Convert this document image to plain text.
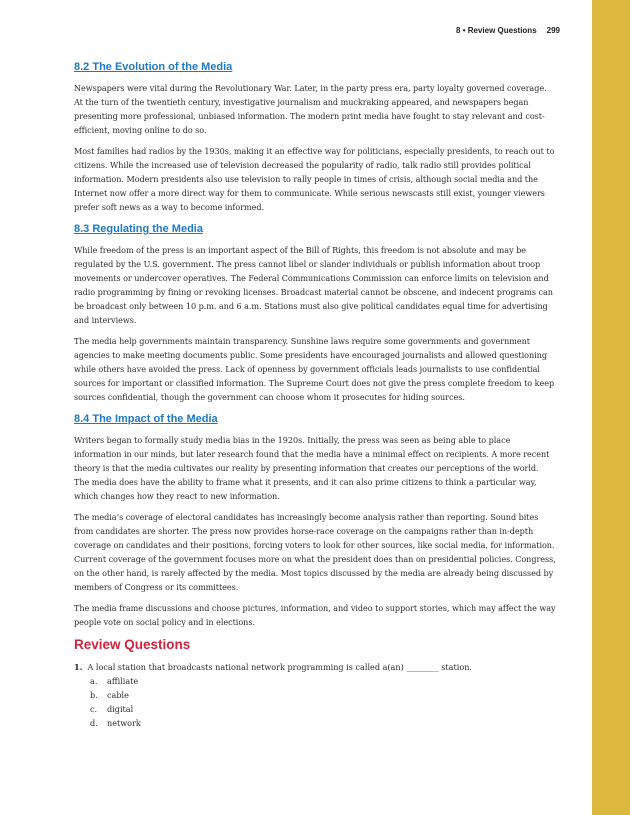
8 • Review Questions 299
8.2 The Evolution of the Media

Newspapers were vital during the Revolutionary War. Later, in the party press era, party loyalty governed coverage. At the turn of the twentieth century, investigative journalism and muckraking appeared, and newspapers began presenting more professional, unbiased information. The modern print media have fought to stay relevant and cost-efficient, moving online to do so.

Most families had radios by the 1930s, making it an effective way for politicians, especially presidents, to reach out to citizens. While the increased use of television decreased the popularity of radio, talk radio still provides political information. Modern presidents also use television to rally people in times of crisis, although social media and the Internet now offer a more direct way for them to communicate. While serious newscasts still exist, younger viewers prefer soft news as a way to become informed.

8.3 Regulating the Media

While freedom of the press is an important aspect of the Bill of Rights, this freedom is not absolute and may be regulated by the U.S. government. The press cannot libel or slander individuals or publish information about troop movements or undercover operatives. The Federal Communications Commission can enforce limits on television and radio programming by fining or revoking licenses. Broadcast material cannot be obscene, and indecent programs can be broadcast only between 10 p.m. and 6 a.m. Stations must also give political candidates equal time for advertising and interviews.

The media help governments maintain transparency. Sunshine laws require some governments and government agencies to make meeting documents public. Some presidents have encouraged journalists and allowed questioning while others have avoided the press. Lack of openness by government officials leads journalists to use confidential sources for important or classified information. The Supreme Court does not give the press complete freedom to keep sources confidential, though the government can choose whom it prosecutes for hiding sources.

8.4 The Impact of the Media

Writers began to formally study media bias in the 1920s. Initially, the press was seen as being able to place information in our minds, but later research found that the media have a minimal effect on recipients. A more recent theory is that the media cultivates our reality by presenting information that creates our perceptions of the world. The media does have the ability to frame what it presents, and it can also prime citizens to think a particular way, which changes how they react to new information.

The media’s coverage of electoral candidates has increasingly become analysis rather than reporting. Sound bites from candidates are shorter. The press now provides horse-race coverage on the campaigns rather than in-depth coverage on candidates and their positions, forcing voters to look for other sources, like social media, for information. Current coverage of the government focuses more on what the president does than on presidential policies. Congress, on the other hand, is rarely affected by the media. Most topics discussed by the media are already being discussed by members of Congress or its committees.

The media frame discussions and choose pictures, information, and video to support stories, which may affect the way people vote on social policy and in elections.

Review Questions
1. A local station that broadcasts national network programming is called a(an) ________ station.
a. affiliate
b. cable
c. digital
d. network
